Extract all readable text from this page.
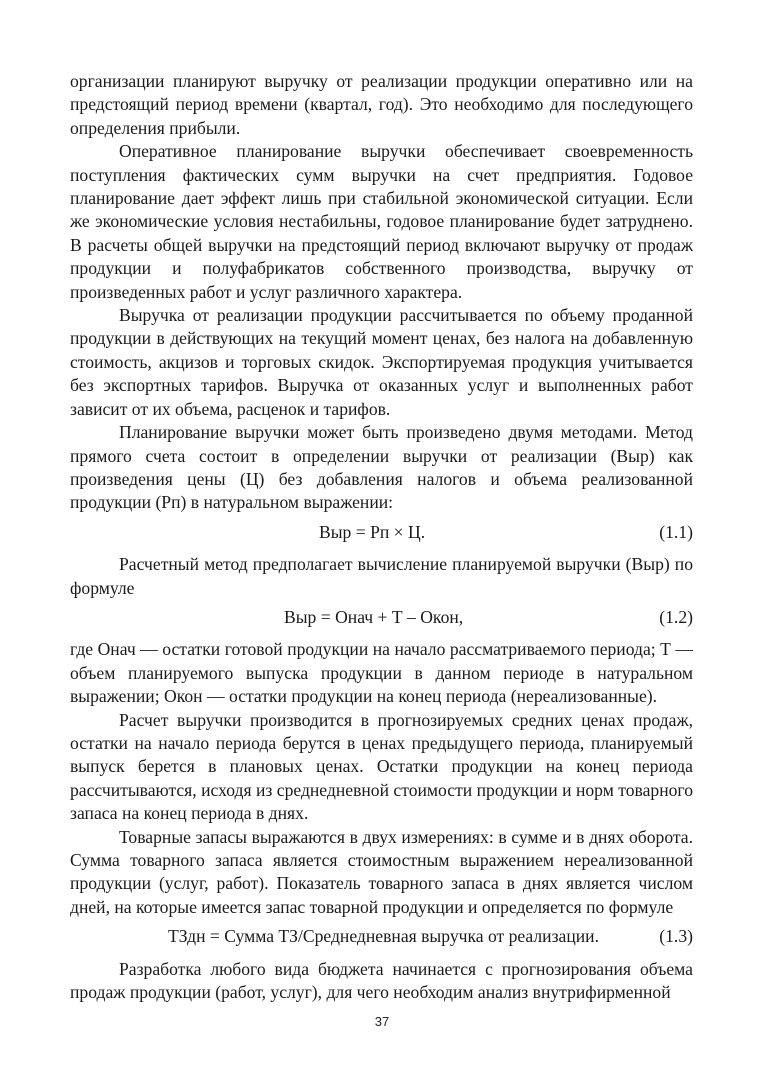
организации планируют выручку от реализации продукции оперативно или на предстоящий период времени (квартал, год). Это необходимо для последующего определения прибыли.

Оперативное планирование выручки обеспечивает своевременность поступления фактических сумм выручки на счет предприятия. Годовое планирование дает эффект лишь при стабильной экономической ситуации. Если же экономические условия нестабильны, годовое планирование будет затруднено. В расчеты общей выручки на предстоящий период включают выручку от продаж продукции и полуфабрикатов собственного производства, выручку от произведенных работ и услуг различного характера.

Выручка от реализации продукции рассчитывается по объему проданной продукции в действующих на текущий момент ценах, без налога на добавленную стоимость, акцизов и торговых скидок. Экспортируемая продукция учитывается без экспортных тарифов. Выручка от оказанных услуг и выполненных работ зависит от их объема, расценок и тарифов.

Планирование выручки может быть произведено двумя методами. Метод прямого счета состоит в определении выручки от реализации (Выр) как произведения цены (Ц) без добавления налогов и объема реализованной продукции (Рп) в натуральном выражении:

Выр = Рп × Ц.	(1.1)

Расчетный метод предполагает вычисление планируемой выручки (Выр) по формуле

Выр = Онач + Т – Окон,	(1.2)

где Онач — остатки готовой продукции на начало рассматриваемого периода; Т — объем планируемого выпуска продукции в данном периоде в натуральном выражении; Окон — остатки продукции на конец периода (нереализованные).

Расчет выручки производится в прогнозируемых средних ценах продаж, остатки на начало периода берутся в ценах предыдущего периода, планируемый выпуск берется в плановых ценах. Остатки продукции на конец периода рассчитываются, исходя из среднедневной стоимости продукции и норм товарного запаса на конец периода в днях.

Товарные запасы выражаются в двух измерениях: в сумме и в днях оборота. Сумма товарного запаса является стоимостным выражением нереализованной продукции (услуг, работ). Показатель товарного запаса в днях является числом дней, на которые имеется запас товарной продукции и определяется по формуле

ТЗдн = Сумма ТЗ/Среднедневная выручка от реализации.	(1.3)

Разработка любого вида бюджета начинается с прогнозирования объема продаж продукции (работ, услуг), для чего необходим анализ внутрифирменной

37
